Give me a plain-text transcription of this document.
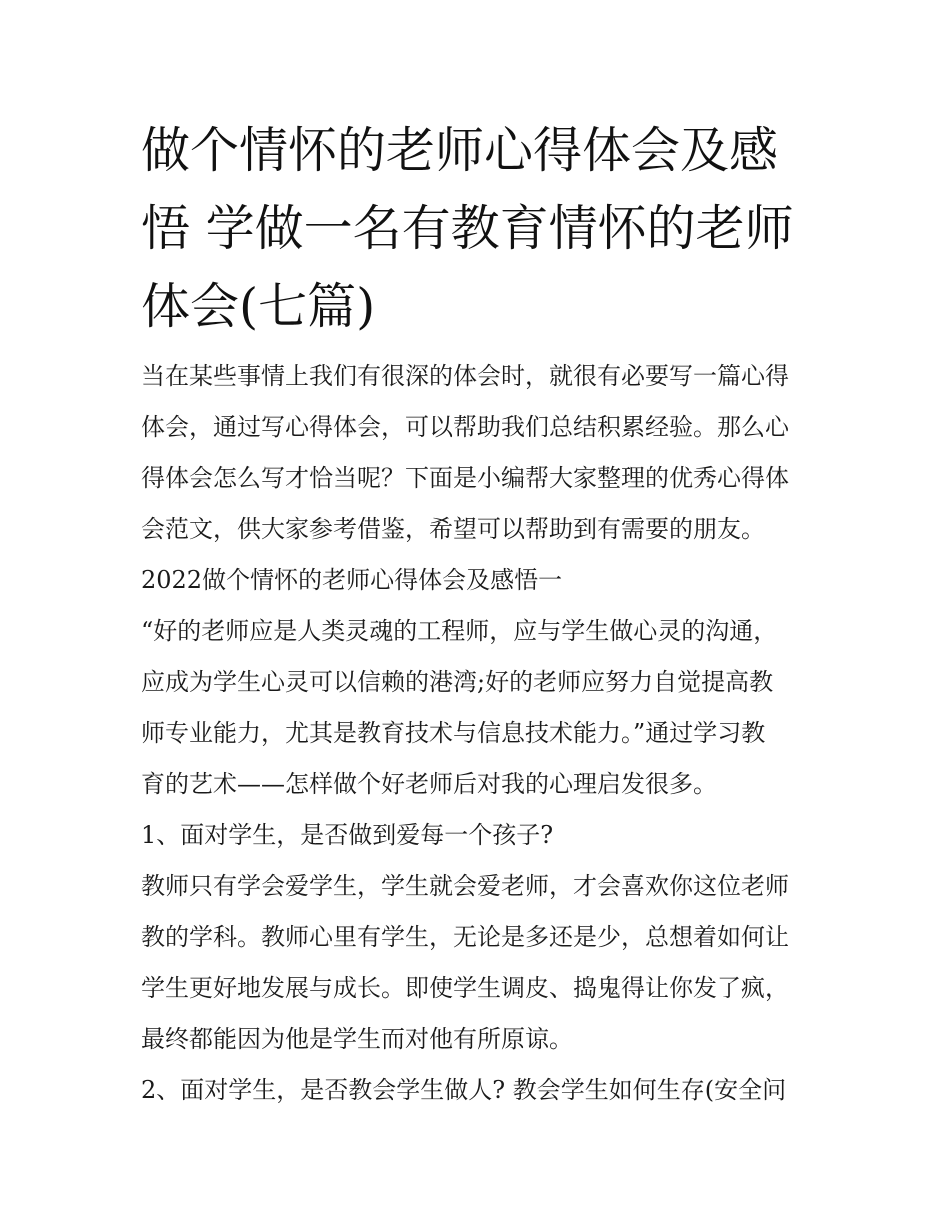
做个情怀的老师心得体会及感
悟 学做一名有教育情怀的老师
体会(七篇)

当在某些事情上我们有很深的体会时，就很有必要写一篇心得
体会，通过写心得体会，可以帮助我们总结积累经验。那么心
得体会怎么写才恰当呢？下面是小编帮大家整理的优秀心得体
会范文，供大家参考借鉴，希望可以帮助到有需要的朋友。

2022做个情怀的老师心得体会及感悟一

“好的老师应是人类灵魂的工程师，应与学生做心灵的沟通，
应成为学生心灵可以信赖的港湾;好的老师应努力自觉提高教
师专业能力，尤其是教育技术与信息技术能力。”通过学习教
育的艺术——怎样做个好老师后对我的心理启发很多。

1、面对学生，是否做到爱每一个孩子?

教师只有学会爱学生，学生就会爱老师，才会喜欢你这位老师
教的学科。教师心里有学生，无论是多还是少，总想着如何让
学生更好地发展与成长。即使学生调皮、捣鬼得让你发了疯，
最终都能因为他是学生而对他有所原谅。

2、面对学生，是否教会学生做人? 教会学生如何生存(安全问
